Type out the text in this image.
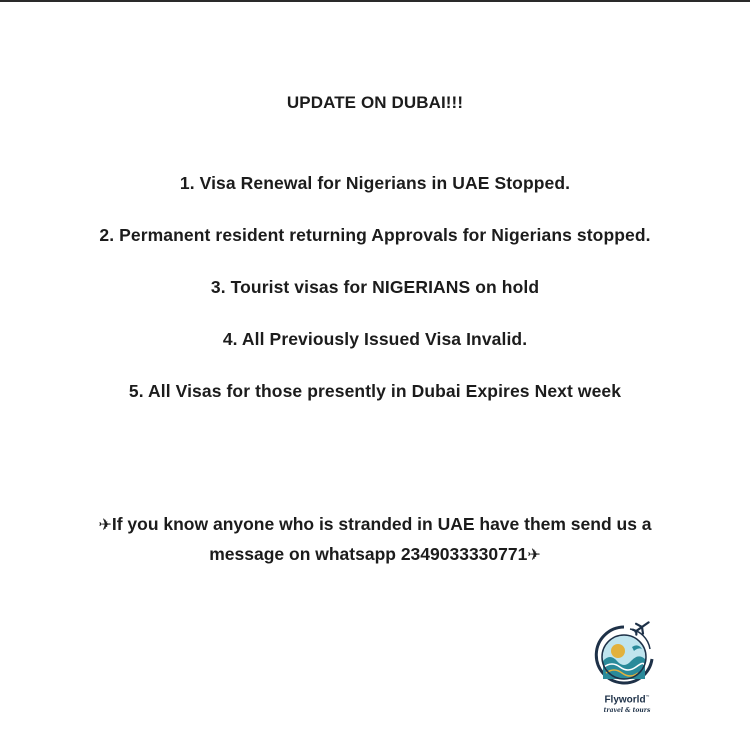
UPDATE ON DUBAI!!!
1. Visa Renewal for Nigerians in UAE Stopped.
2. Permanent resident returning Approvals for Nigerians stopped.
3. Tourist visas for NIGERIANS on hold
4. All Previously Issued Visa Invalid.
5. All Visas for those presently in Dubai Expires Next week
✈If you know anyone who is stranded in UAE have them send us a
message on whatsapp 2349033330771✈
Flyworld™
travel & tours
